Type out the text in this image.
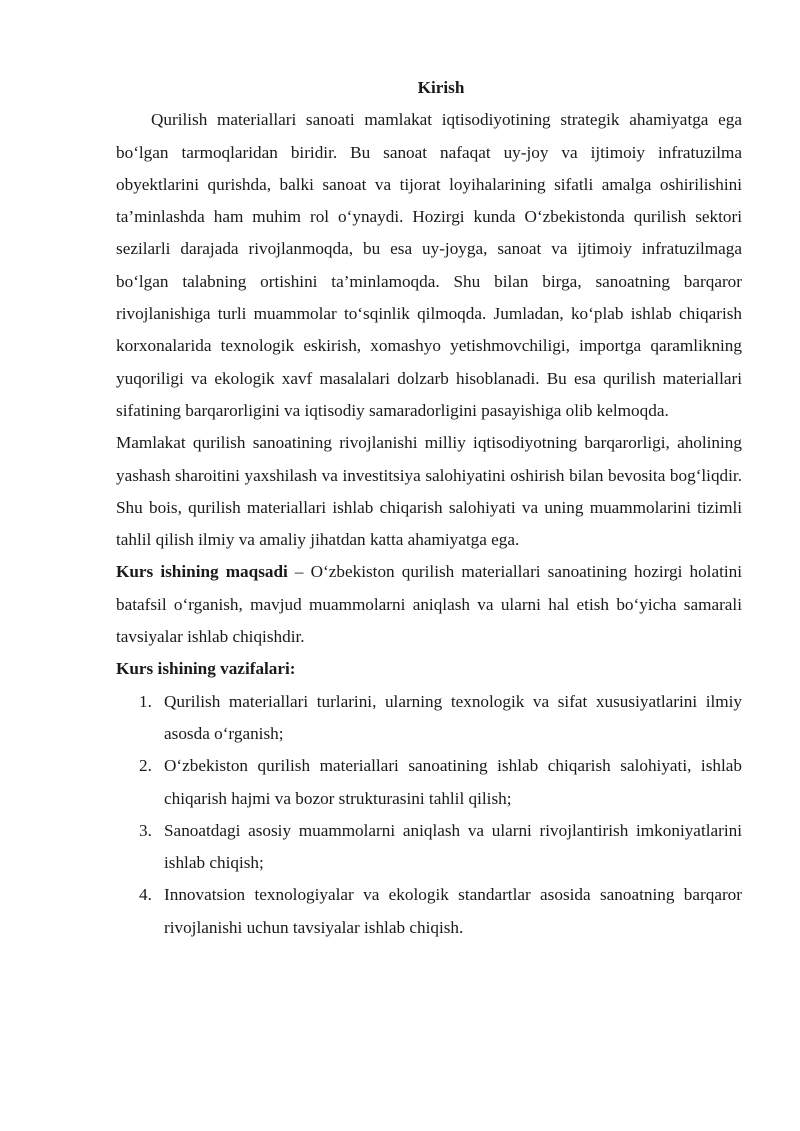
Kirish

Qurilish materiallari sanoati mamlakat iqtisodiyotining strategik ahamiyatga ega bo‘lgan tarmoqlaridan biridir. Bu sanoat nafaqat uy-joy va ijtimoiy infratuzilma obyektlarini qurishda, balki sanoat va tijorat loyihalarining sifatli amalga oshirilishini ta’minlashda ham muhim rol o‘ynaydi. Hozirgi kunda O‘zbekistonda qurilish sektori sezilarli darajada rivojlanmoqda, bu esa uy-joyga, sanoat va ijtimoiy infratuzilmaga bo‘lgan talabning ortishini ta’minlamoqda. Shu bilan birga, sanoatning barqaror rivojlanishiga turli muammolar to‘sqinlik qilmoqda. Jumladan, ko‘plab ishlab chiqarish korxonalarida texnologik eskirish, xomashyo yetishmovchiligi, importga qaramlikning yuqoriligi va ekologik xavf masalalari dolzarb hisoblanadi. Bu esa qurilish materiallari sifatining barqarorligini va iqtisodiy samaradorligini pasayishiga olib kelmoqda.

Mamlakat qurilish sanoatining rivojlanishi milliy iqtisodiyotning barqarorligi, aholining yashash sharoitini yaxshilash va investitsiya salohiyatini oshirish bilan bevosita bog‘liqdir. Shu bois, qurilish materiallari ishlab chiqarish salohiyati va uning muammolarini tizimli tahlil qilish ilmiy va amaliy jihatdan katta ahamiyatga ega.

Kurs ishining maqsadi – O‘zbekiston qurilish materiallari sanoatining hozirgi holatini batafsil o‘rganish, mavjud muammolarni aniqlash va ularni hal etish bo‘yicha samarali tavsiyalar ishlab chiqishdir.

Kurs ishining vazifalari:

1. Qurilish materiallari turlarini, ularning texnologik va sifat xususiyatlarini ilmiy asosda o‘rganish;
2. O‘zbekiston qurilish materiallari sanoatining ishlab chiqarish salohiyati, ishlab chiqarish hajmi va bozor strukturasini tahlil qilish;
3. Sanoatdagi asosiy muammolarni aniqlash va ularni rivojlantirish imkoniyatlarini ishlab chiqish;
4. Innovatsion texnologiyalar va ekologik standartlar asosida sanoatning barqaror rivojlanishi uchun tavsiyalar ishlab chiqish.
